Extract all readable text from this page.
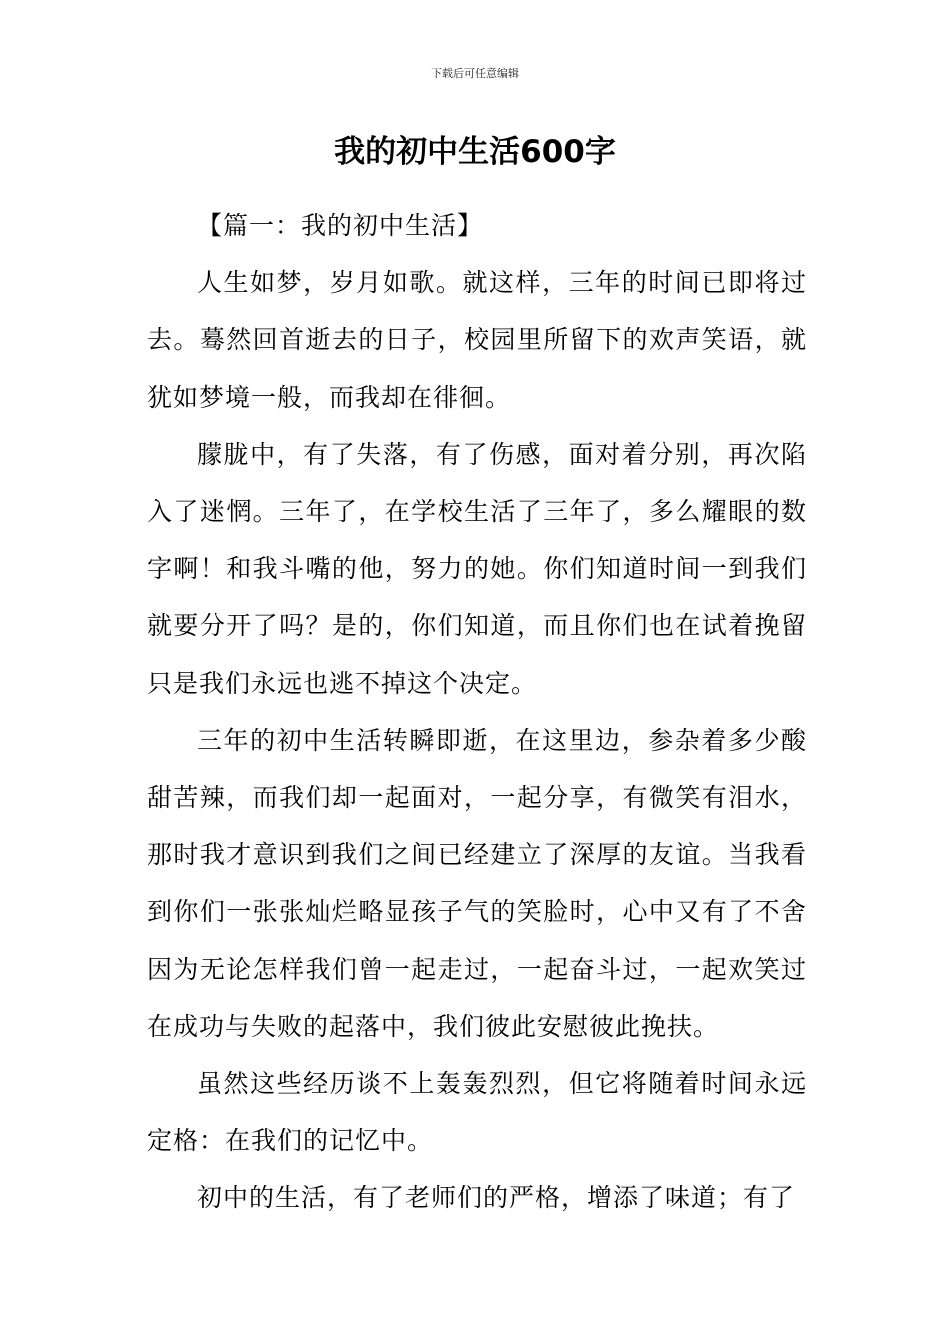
下载后可任意编辑
我的初中生活600字

【篇一：我的初中生活】

人生如梦，岁月如歌。就这样，三年的时间已即将过去。蓦然回首逝去的日子，校园里所留下的欢声笑语，就犹如梦境一般，而我却在徘徊。

朦胧中，有了失落，有了伤感，面对着分别，再次陷入了迷惘。三年了，在学校生活了三年了，多么耀眼的数字啊！和我斗嘴的他，努力的她。你们知道时间一到我们就要分开了吗？是的，你们知道，而且你们也在试着挽留只是我们永远也逃不掉这个决定。

三年的初中生活转瞬即逝，在这里边，参杂着多少酸甜苦辣，而我们却一起面对，一起分享，有微笑有泪水，那时我才意识到我们之间已经建立了深厚的友谊。当我看到你们一张张灿烂略显孩子气的笑脸时，心中又有了不舍因为无论怎样我们曾一起走过，一起奋斗过，一起欢笑过在成功与失败的起落中，我们彼此安慰彼此挽扶。

虽然这些经历谈不上轰轰烈烈，但它将随着时间永远定格：在我们的记忆中。

初中的生活，有了老师们的严格，增添了味道；有了
